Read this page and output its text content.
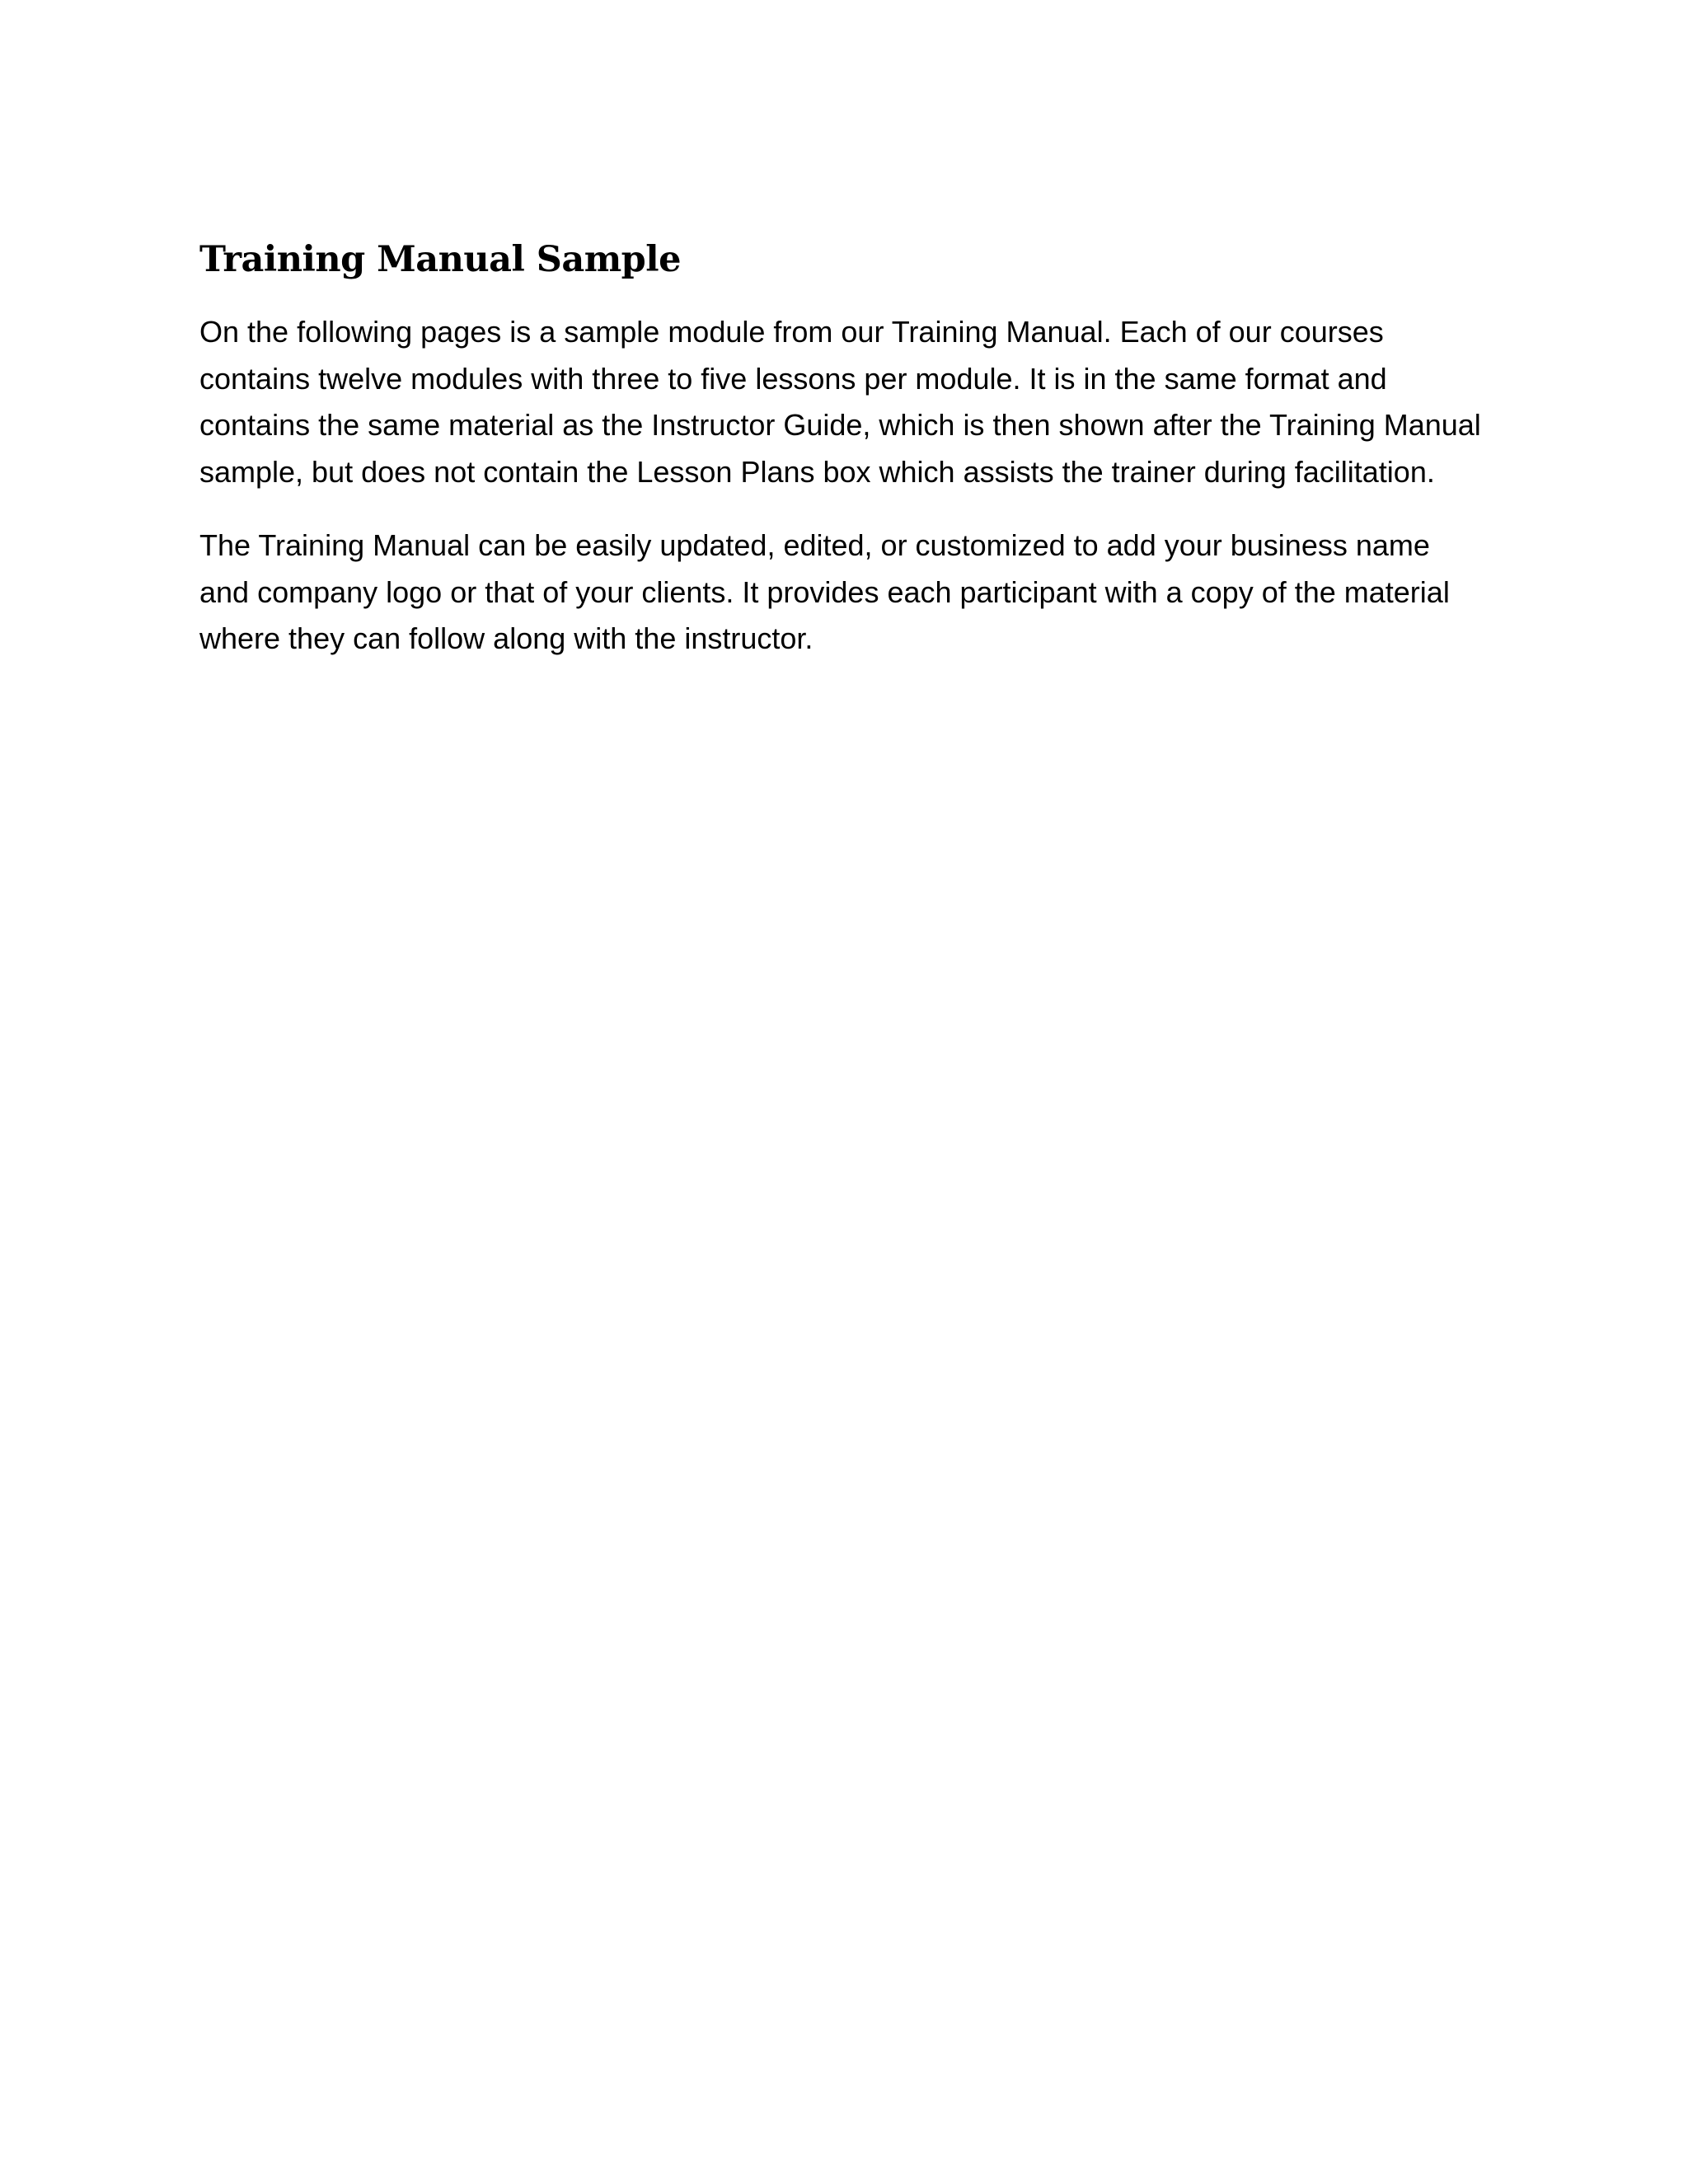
Training Manual Sample

On the following pages is a sample module from our Training Manual. Each of our courses contains twelve modules with three to five lessons per module. It is in the same format and contains the same material as the Instructor Guide, which is then shown after the Training Manual sample, but does not contain the Lesson Plans box which assists the trainer during facilitation.

The Training Manual can be easily updated, edited, or customized to add your business name and company logo or that of your clients. It provides each participant with a copy of the material where they can follow along with the instructor.
